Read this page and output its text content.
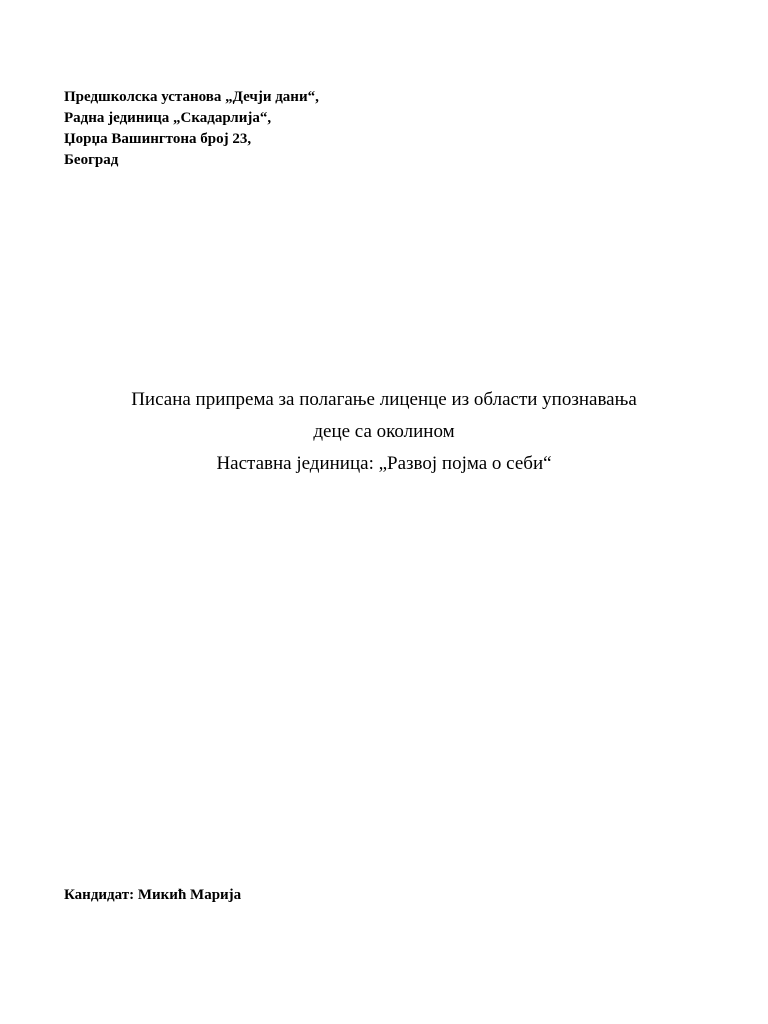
Предшколска установа „Дечји дани“,
Радна јединица „Скадарлија“,
Џорџа Вашингтона број 23,
Београд
Писана припрема за полагање лиценце из области упознавања
деце са околином
Наставна јединица: „Развој појма о себи“
Кандидат: Микић Марија
